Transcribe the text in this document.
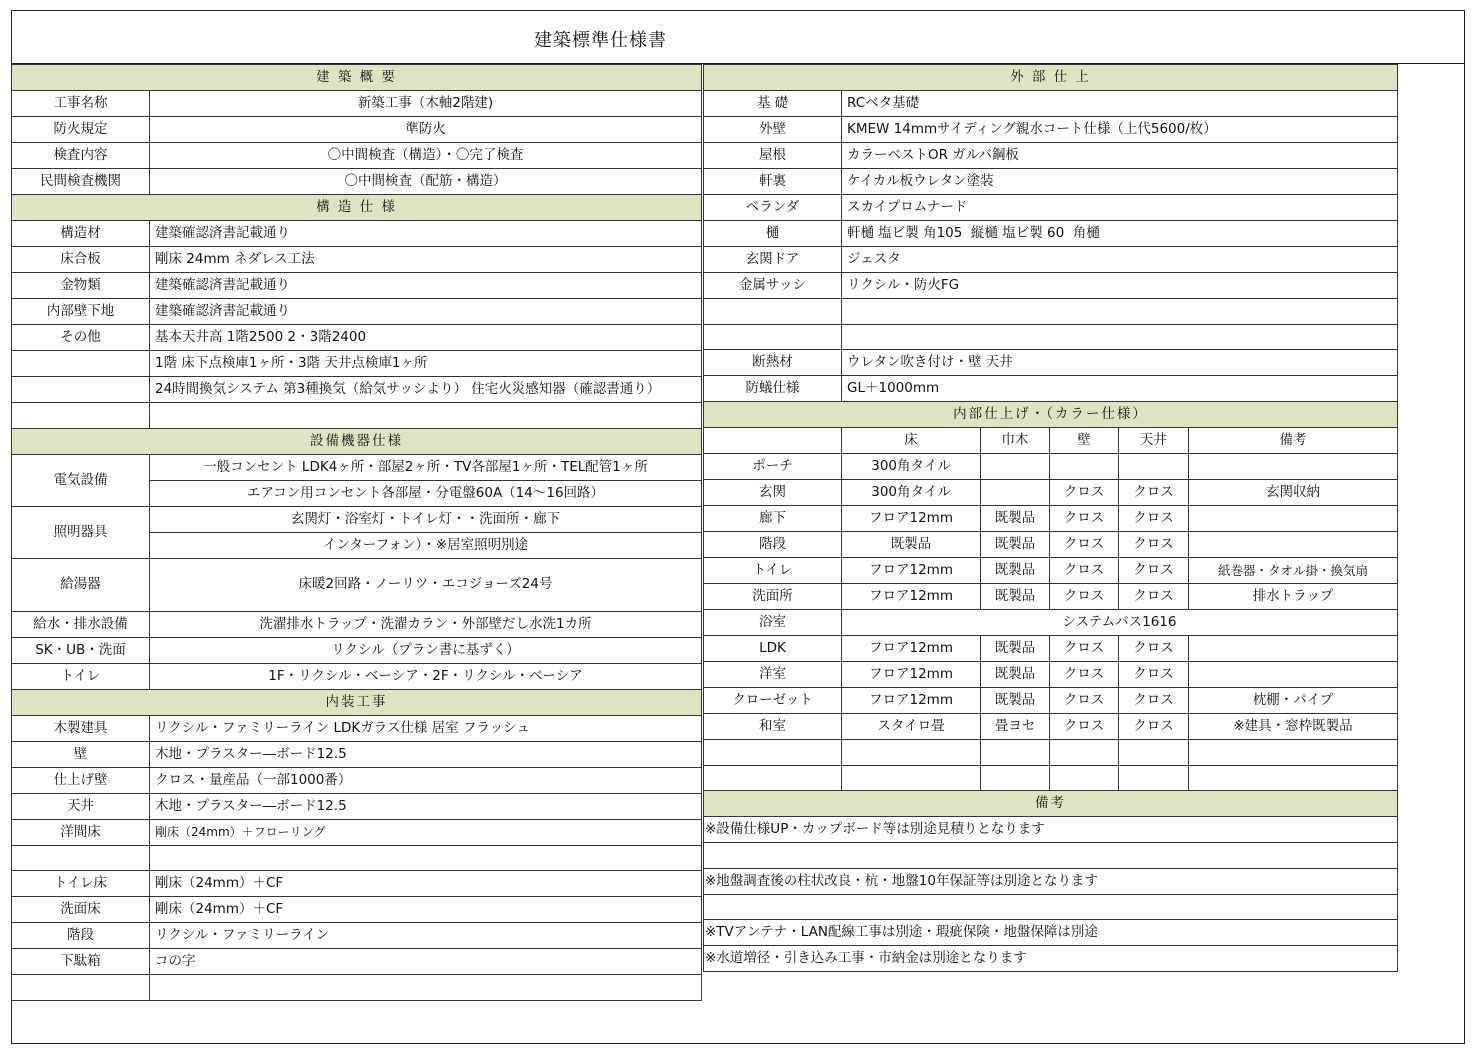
建築標準仕様書
建 築 概 要	
工事名称	新築工事（木軸2階建)
防火規定	準防火
検査内容	〇中間検査（構造）・〇完了検査
民間検査機関	〇中間検査（配筋・構造）
構 造 仕 様	
構造材	建築確認済書記載通り
床合板	剛床 24mm ネダレス工法
金物類	建築確認済書記載通り
内部壁下地	建築確認済書記載通り
その他	基本天井高 1階2500 2・3階2400
	1階 床下点検庫1ヶ所・3階 天井点検庫1ヶ所
	24時間換気システム 第3種換気（給気サッシより） 住宅火災感知器（確認書通り）

設備機器仕様	
電気設備	一般コンセント LDK4ヶ所・部屋2ヶ所・TV各部屋1ヶ所・TEL配管1ヶ所
	エアコン用コンセント各部屋・分電盤60A（14～16回路）
照明器具	玄関灯・浴室灯・トイレ灯・・洗面所・廊下
	インターフォン）・※居室照明別途
給湯器	床暖2回路・ノーリツ・エコジョーズ24号
給水・排水設備	洗濯排水トラップ・洗濯カラン・外部壁だし水洗1カ所
SK・UB・洗面	リクシル（プラン書に基ずく）
トイレ	1F・リクシル・ベーシア・2F・リクシル・ベーシア
内装工事	
木製建具	リクシル・ファミリーライン LDKガラス仕様 居室 フラッシュ
壁	木地・プラスター―ボード12.5
仕上げ壁	クロス・量産品（一部1000番）
天井	木地・プラスター―ボード12.5
洋間床	剛床（24mm）＋フローリング

トイレ床	剛床（24mm）＋CF
洗面床	剛床（24mm）＋CF
階段	リクシル・ファミリーライン
下駄箱	コの字

外 部 仕 上					
基 礎	RCベタ基礎				
外壁	KMEW 14mmサイディング親水コート仕様（上代5600/枚）				

屋根	カラーベストOR ガルバ鋼板				
軒裏	ケイカル板ウレタン塗装				
ベランダ	スカイプロムナード				
樋	軒樋 塩ビ製 角105  縦樋 塩ビ製 60  角樋				
玄関ドア	ジェスタ				
金属サッシ	リクシル・防火FG				

断熱材	ウレタン吹き付け・壁 天井				
防蟻仕様	GL＋1000mm				
内部仕上げ・（カラー仕様）					
	床	巾木	壁	天井	備考
ポーチ	300角タイル				
玄関	300角タイル		クロス	クロス	玄関収納
廊下	フロア12mm	既製品	クロス	クロス	
階段	既製品	既製品	クロス	クロス	
トイレ	フロア12mm	既製品	クロス	クロス	紙巻器・タオル掛・換気扇
洗面所	フロア12mm	既製品	クロス	クロス	排水トラップ
浴室	システムバス1616				
LDK	フロア12mm	既製品	クロス	クロス	
洋室	フロア12mm	既製品	クロス	クロス	
クローゼット	フロア12mm	既製品	クロス	クロス	枕棚・パイプ
和室	スタイロ畳	畳ヨセ	クロス	クロス	※建具・窓枠既製品

備考					
※設備仕様UP・カップボード等は別途見積りとなります					

※地盤調査後の柱状改良・杭・地盤10年保証等は別途となります					

※TVアンテナ・LAN配線工事は別途・瑕疵保険・地盤保障は別途					
※水道増径・引き込み工事・市納金は別途となります					
